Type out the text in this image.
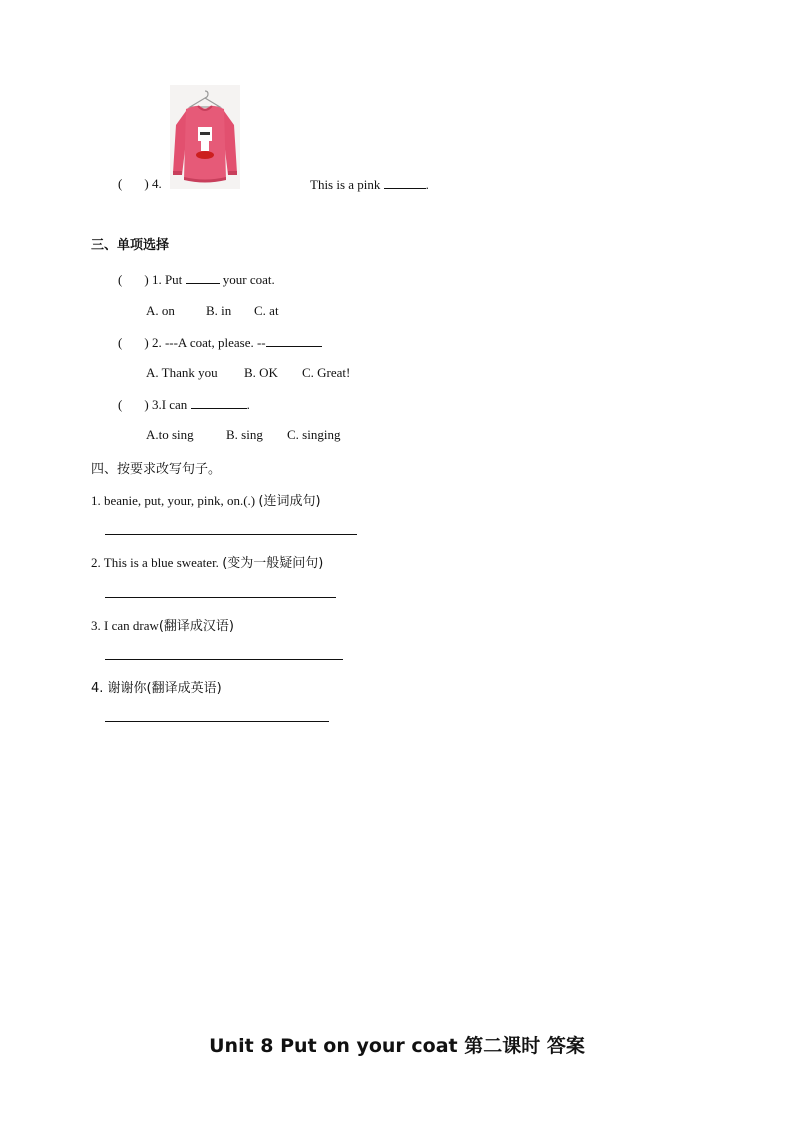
( ) 4.	This is a pink	.
三、单项选择
( ) 1. Put	your coat.
A. on B. in C. at
( ) 2. ---A coat, please. --
A. Thank you B. OK C. Great!
( ) 3.I can	.
A.to sing B. sing C. singing
四、按要求改写句子。
1. beanie, put, your, pink, on.(.) (连词成句)
2. This is a blue sweater. (变为一般疑问句)
3. I can draw(翻译成汉语)
4. 谢谢你(翻译成英语)
Unit 8 Put on your coat 第二课时 答案
